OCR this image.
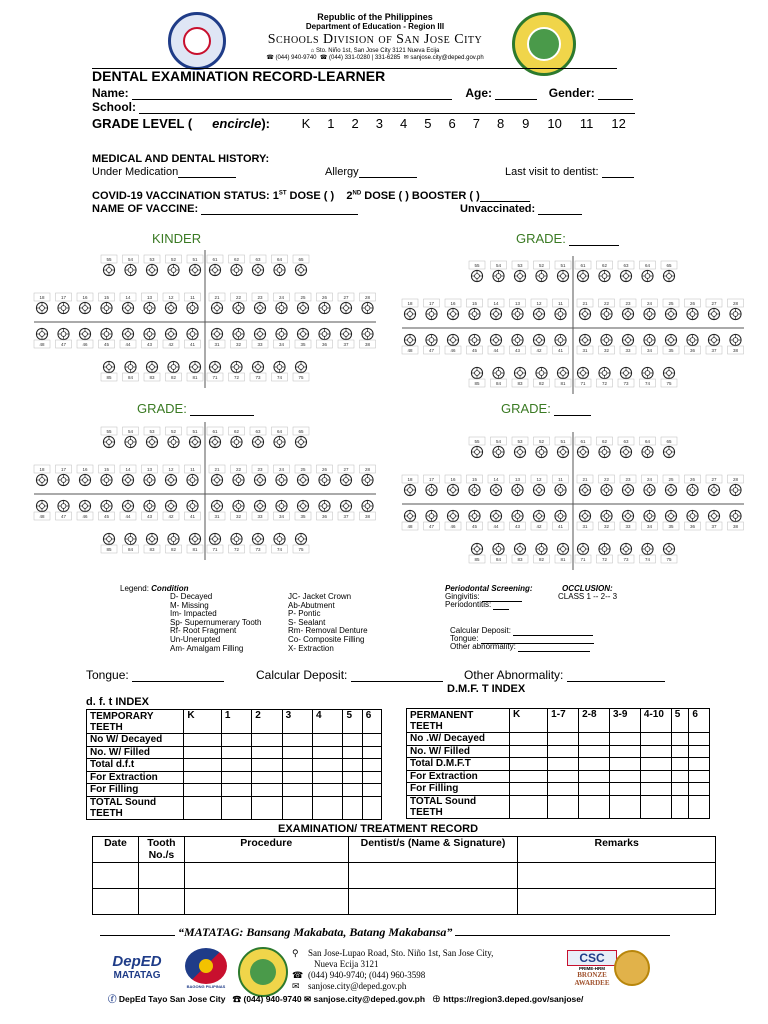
Republic of the Philippines
Department of Education - Region III
Schools Division of San Jose City
⌂ Sto. Niño 1st, San Jose City 3121 Nueva Ecija
☎ (044) 940-9740 ☎ (044) 331-0280 | 331-6285 ✉ sanjose.city@deped.gov.ph
DENTAL EXAMINATION RECORD-LEARNER
Name:	Age:	Gender:
School:
GRADE LEVEL ( encircle): K 1 2 3 4 5 6 7 8 9 10 11 12
MEDICAL AND DENTAL HISTORY:
Under Medication	Allergy	Last visit to dentist:
COVID-19 VACCINATION STATUS: 1ST DOSE ( ) 2ND DOSE ( ) BOOSTER ( )
NAME OF VACCINE:	Unvaccinated:
KINDER	GRADE:
GRADE:	GRADE:
55	54	53	52	51	61	62	63	64	65
18	17	16	15	14	13	12	11	21	22	23	24	25	26	27	28
48	47	46	45	44	43	42	41	31	32	33	34	35	36	37	38
85	84	83	82	81	71	72	73	74	75
55	54	53	52	51	61	62	63	64	65
18	17	16	15	14	13	12	11	21	22	23	24	25	26	27	28
48	47	46	45	44	43	42	41	31	32	33	34	35	36	37	38
85	84	83	82	81	71	72	73	74	75
55	54	53	52	51	61	62	63	64	65
18	17	16	15	14	13	12	11	21	22	23	24	25	26	27	28
48	47	46	45	44	43	42	41	31	32	33	34	35	36	37	38
85	84	83	82	81	71	72	73	74	75
55	54	53	52	51	61	62	63	64	65
18	17	16	15	14	13	12	11	21	22	23	24	25	26	27	28
48	47	46	45	44	43	42	41	31	32	33	34	35	36	37	38
85	84	83	82	81	71	72	73	74	75
Legend: Condition
D- Decayed
M- Missing
Im- Impacted
Sp- Supernumerary Tooth
Rf- Root Fragment
Un-Unerupted
Am- Amalgam Filling
JC- Jacket Crown
Ab-Abutment
P- Pontic
S- Sealant
Rm- Removal Denture
Co- Composite Filling
X- Extraction
Periodontal Screening:	OCCLUSION:
Gingivitis:	CLASS 1 -- 2-- 3
Periodontitis:
Calcular Deposit:
Tongue:
Other abnormality:
Tongue:	Calcular Deposit:	Other Abnormality:
d. f. t INDEX
D.M.F. T INDEX
TEMPORARY TEETH	K	1	2	3	4	5	6
No W/ Decayed							
No. W/ Filled							
Total d.f.t							
For Extraction							
For Filling							
TOTAL Sound TEETH							
PERMANENT TEETH	K	1-7	2-8	3-9	4-10	5	6
No .W/ Decayed							
No. W/ Filled							
Total D.M.F.T							
For Extraction							
For Filling							
TOTAL Sound TEETH							
EXAMINATION/ TREATMENT RECORD
Date	Tooth No./s	Procedure	Dentist/s (Name & Signature)	Remarks

“MATATAG: Bansang Makabata, Batang Makabansa”
DepED
MATATAG
BAGONG PILIPINAS
⚲ San Jose-Lupao Road, Sto. Niño 1st, San Jose City,
Nueva Ecija 3121
☎ (044) 940-9740; (044) 960-3598
✉ sanjose.city@deped.gov.ph
CSC
PRIME-HRM
BRONZE AWARDEE
ⓕ DepEd Tayo San Jose City ☎ (044) 940-9740 ✉ sanjose.city@deped.gov.ph ⊕ https://region3.deped.gov/sanjose/
